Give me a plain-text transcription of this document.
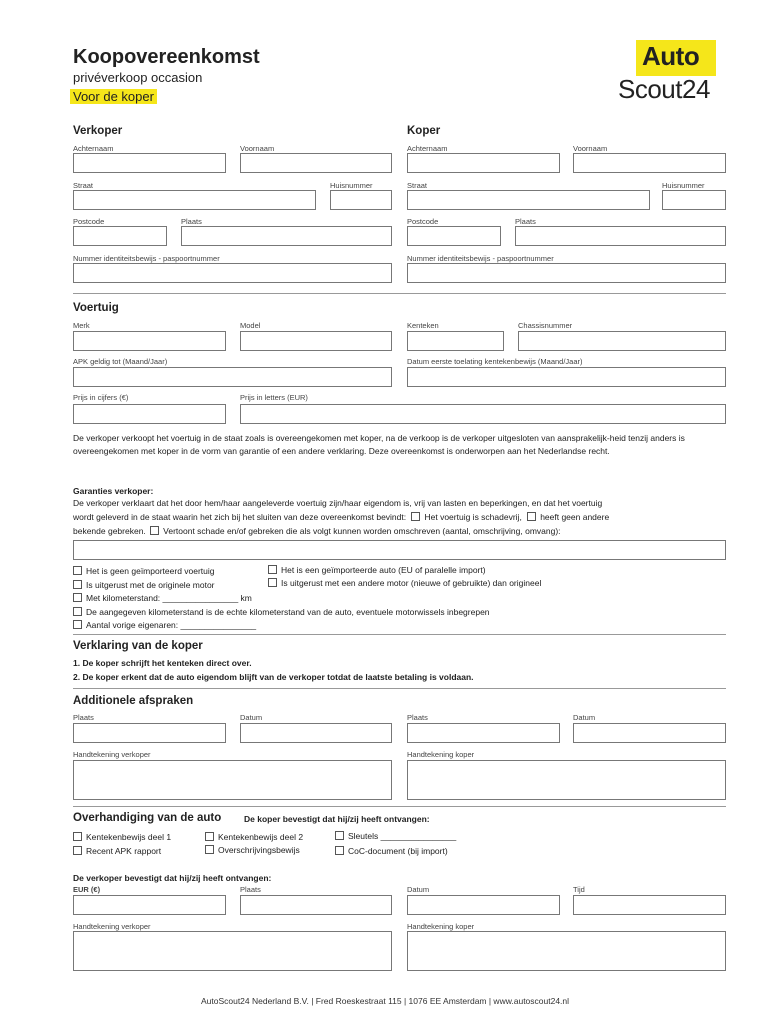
Koopovereenkomst
privéverkoop occasion
Voor de koper
Auto
Scout24
Verkoper	Koper
Achternaam	Voornaam	Achternaam	Voornaam
Straat	Huisnummer	Straat	Huisnummer
Postcode	Plaats	Postcode	Plaats
Nummer identiteitsbewijs - paspoortnummer	Nummer identiteitsbewijs - paspoortnummer
Voertuig
Merk	Model	Kenteken	Chassisnummer
APK geldig tot (Maand/Jaar)	Datum eerste toelating kentekenbewijs (Maand/Jaar)
Prijs in cijfers (€)	Prijs in letters (EUR)
De verkoper verkoopt het voertuig in de staat zoals is overeengekomen met koper, na de verkoop is de verkoper uitgesloten van aansprakelijk-heid tenzij anders is overeengekomen met koper in de vorm van garantie of een andere verklaring. Deze overeenkomst is onderworpen aan het Nederlandse recht.
Garanties verkoper:
De verkoper verklaart dat het door hem/haar aangeleverde voertuig zijn/haar eigendom is, vrij van lasten en beperkingen, en dat het voertuig
wordt geleverd in de staat waarin het zich bij het sluiten van deze overeenkomst bevindt: Het voertuig is schadevrij, heeft geen andere
bekende gebreken. Vertoont schade en/of gebreken die als volgt kunnen worden omschreven (aantal, omschrijving, omvang):
Het is geen geïmporteerd voertuig	Het is een geïmporteerde auto (EU of paralelle import)
Is uitgerust met de originele motor	Is uitgerust met een andere motor (nieuwe of gebruikte) dan origineel
Met kilometerstand: ________________ km
De aangegeven kilometerstand is de echte kilometerstand van de auto, eventuele motorwissels inbegrepen
Aantal vorige eigenaren: ________________
Verklaring van de koper
1. De koper schrijft het kenteken direct over.
2. De koper erkent dat de auto eigendom blijft van de verkoper totdat de laatste betaling is voldaan.
Additionele afspraken
Plaats	Datum	Plaats	Datum
Handtekening verkoper	Handtekening koper
Overhandiging van de auto	De koper bevestigt dat hij/zij heeft ontvangen:
Kentekenbewijs deel 1	Kentekenbewijs deel 2	Sleutels ________________
Recent APK rapport	Overschrijvingsbewijs	CoC-document (bij import)
De verkoper bevestigt dat hij/zij heeft ontvangen:
EUR (€)	Plaats	Datum	Tijd
Handtekening verkoper	Handtekening koper
AutoScout24 Nederland B.V. | Fred Roeskestraat 115 | 1076 EE Amsterdam | www.autoscout24.nl
